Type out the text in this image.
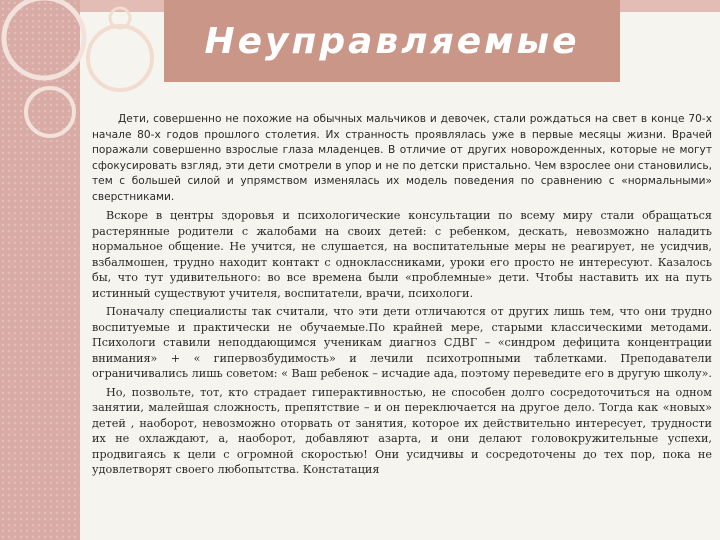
Неуправляемые

Дети, совершенно не похожие на обычных мальчиков и девочек, стали рождаться на свет в конце 70-х начале 80-х годов прошлого столетия. Их странность проявлялась уже в первые месяцы жизни. Врачей поражали совершенно взрослые глаза младенцев. В отличие от других новорожденных, которые не могут сфокусировать взгляд, эти дети смотрели в упор и не по детски пристально. Чем взрослее они становились, тем с большей силой и упрямством изменялась их модель поведения по сравнению с «нормальными» сверстниками.

Вскоре в центры здоровья и психологические консультации по всему миру стали обращаться растерянные родители с жалобами на своих детей: с ребенком, дескать, невозможно наладить нормальное общение. Не учится, не слушается, на воспитательные меры не реагирует, не усидчив, взбалмошен, трудно находит контакт с одноклассниками, уроки его просто не интересуют. Казалось бы, что тут удивительного: во все времена были «проблемные» дети. Чтобы наставить их на путь истинный существуют учителя, воспитатели, врачи, психологи.

Поначалу специалисты так считали, что эти дети отличаются от других лишь тем, что они трудно воспитуемые и практически не обучаемые.По крайней мере, старыми классическими методами. Психологи ставили неподдающимся ученикам диагноз СДВГ – «синдром дефицита концентрации внимания» + « гипервозбудимость» и лечили психотропными таблетками. Преподаватели ограничивались лишь советом: « Ваш ребенок – исчадие ада, поэтому переведите его в другую школу».

Но, позвольте, тот, кто страдает гиперактивностью, не способен долго сосредоточиться на одном занятии, малейшая сложность, препятствие – и он переключается на другое дело. Тогда как «новых» детей , наоборот, невозможно оторвать от занятия, которое их действительно интересует, трудности их не охлаждают, а, наоборот, добавляют азарта, и они делают головокружительные успехи, продвигаясь к цели с огромной скоростью! Они усидчивы и сосредоточены до тех пор, пока не удовлетворят своего любопытства. Констатация
